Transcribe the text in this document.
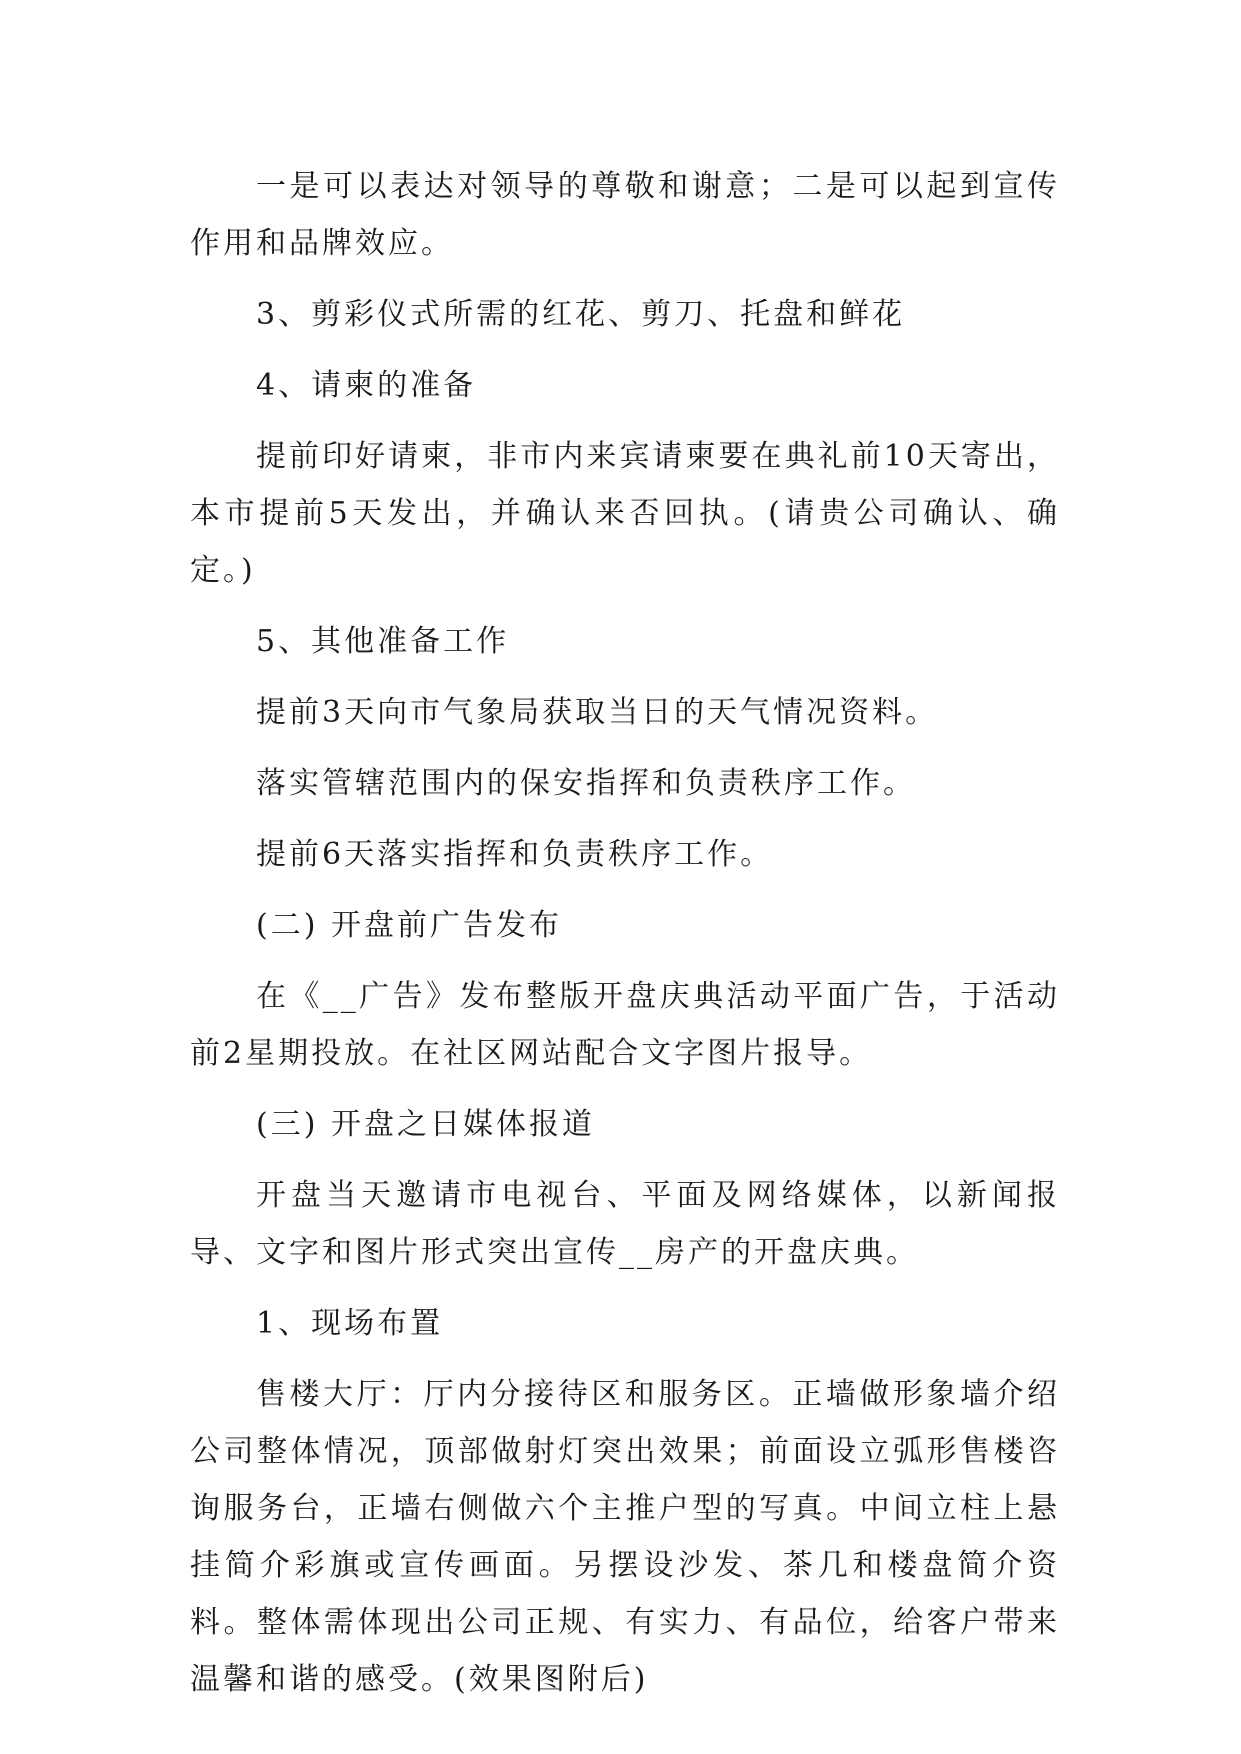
一是可以表达对领导的尊敬和谢意；二是可以起到宣传作用和品牌效应。

3、剪彩仪式所需的红花、剪刀、托盘和鲜花

4、请柬的准备

提前印好请柬，非市内来宾请柬要在典礼前10天寄出，本市提前5天发出，并确认来否回执。(请贵公司确认、确定。)

5、其他准备工作

提前3天向市气象局获取当日的天气情况资料。

落实管辖范围内的保安指挥和负责秩序工作。

提前6天落实指挥和负责秩序工作。

(二) 开盘前广告发布

在《__广告》发布整版开盘庆典活动平面广告，于活动前2星期投放。在社区网站配合文字图片报导。

(三) 开盘之日媒体报道

开盘当天邀请市电视台、平面及网络媒体，以新闻报导、文字和图片形式突出宣传__房产的开盘庆典。

1、现场布置

售楼大厅：厅内分接待区和服务区。正墙做形象墙介绍公司整体情况，顶部做射灯突出效果；前面设立弧形售楼咨询服务台，正墙右侧做六个主推户型的写真。中间立柱上悬挂简介彩旗或宣传画面。另摆设沙发、茶几和楼盘简介资料。整体需体现出公司正规、有实力、有品位，给客户带来温馨和谐的感受。(效果图附后)
